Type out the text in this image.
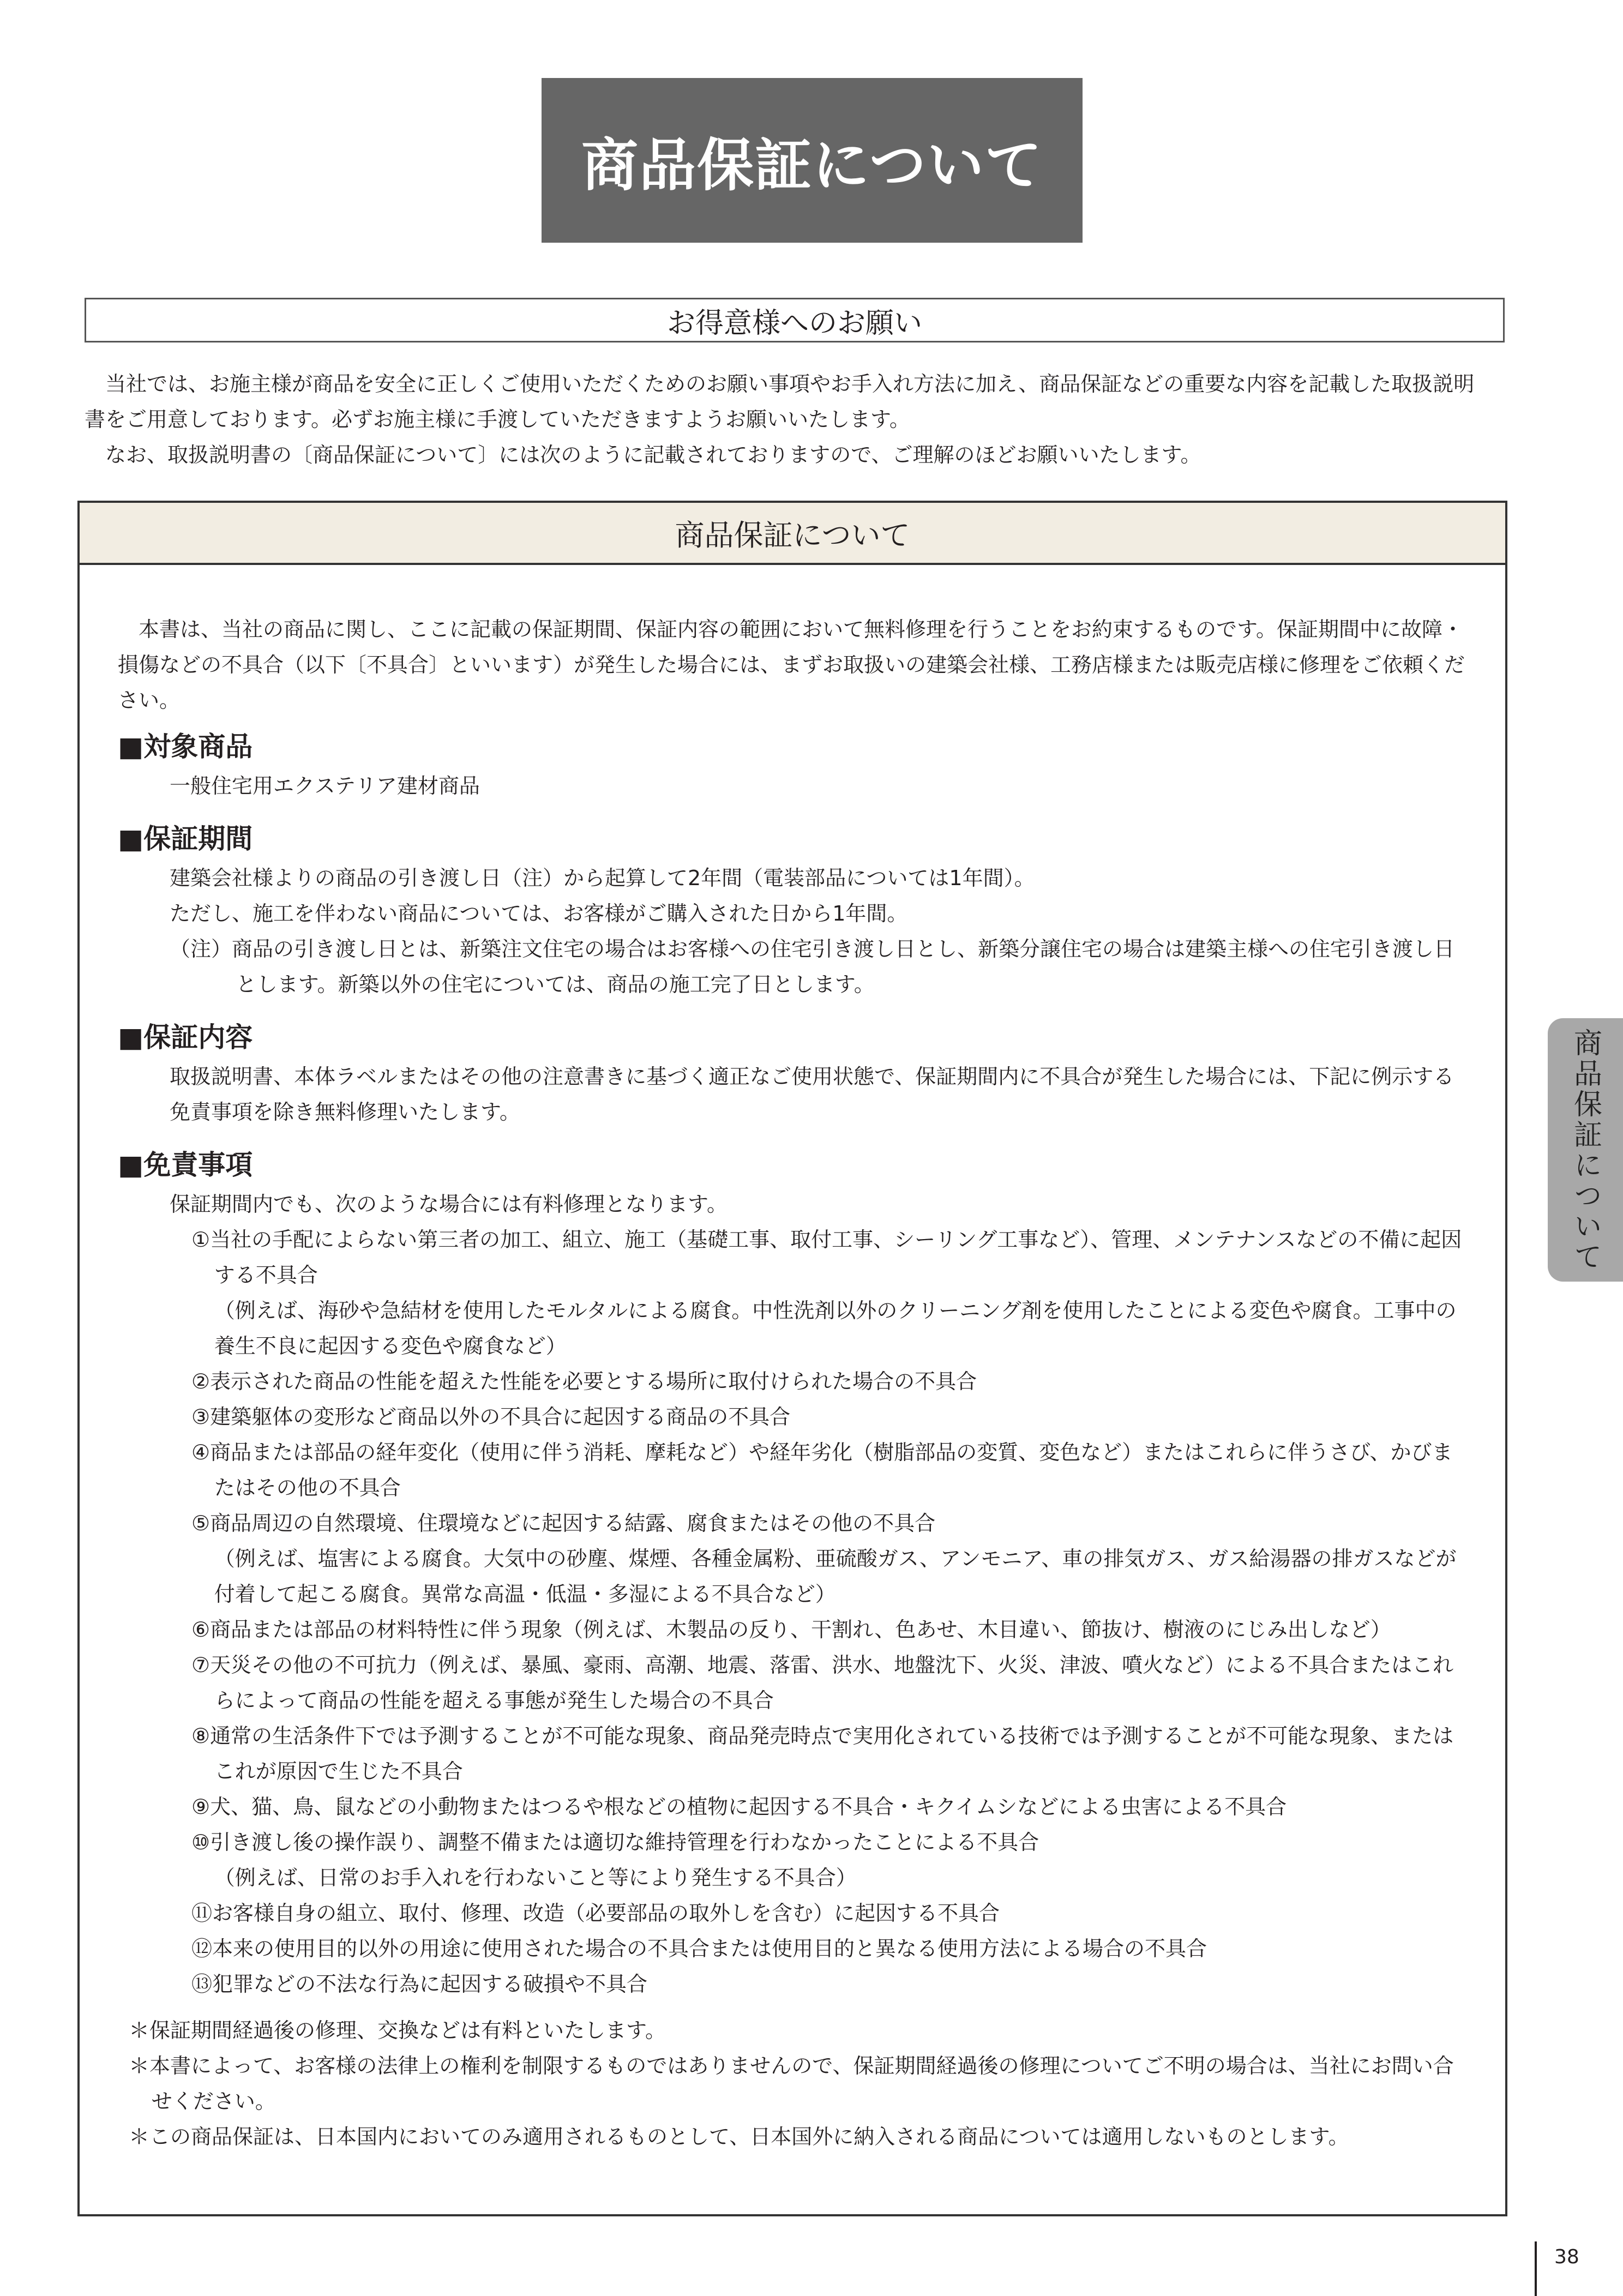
商品保証について
お得意様へのお願い

当社では、お施主様が商品を安全に正しくご使用いただくためのお願い事項やお手入れ方法に加え、商品保証などの重要な内容を記載した取扱説明書をご用意しております。必ずお施主様に手渡していただきますようお願いいたします。

なお、取扱説明書の〔商品保証について〕には次のように記載されておりますので、ご理解のほどお願いいたします。

商品保証について

本書は、当社の商品に関し、ここに記載の保証期間、保証内容の範囲において無料修理を行うことをお約束するものです。保証期間中に故障・損傷などの不具合（以下〔不具合〕といいます）が発生した場合には、まずお取扱いの建築会社様、工務店様または販売店様に修理をご依頼ください。

■対象商品

一般住宅用エクステリア建材商品

■保証期間

建築会社様よりの商品の引き渡し日（注）から起算して2年間（電装部品については1年間）。

ただし、施工を伴わない商品については、お客様がご購入された日から1年間。

（注）商品の引き渡し日とは、新築注文住宅の場合はお客様への住宅引き渡し日とし、新築分譲住宅の場合は建築主様への住宅引き渡し日とします。新築以外の住宅については、商品の施工完了日とします。

■保証内容

取扱説明書、本体ラベルまたはその他の注意書きに基づく適正なご使用状態で、保証期間内に不具合が発生した場合には、下記に例示する免責事項を除き無料修理いたします。

■免責事項

保証期間内でも、次のような場合には有料修理となります。

①当社の手配によらない第三者の加工、組立、施工（基礎工事、取付工事、シーリング工事など）、管理、メンテナンスなどの不備に起因する不具合

（例えば、海砂や急結材を使用したモルタルによる腐食。中性洗剤以外のクリーニング剤を使用したことによる変色や腐食。工事中の養生不良に起因する変色や腐食など）

②表示された商品の性能を超えた性能を必要とする場所に取付けられた場合の不具合

③建築躯体の変形など商品以外の不具合に起因する商品の不具合

④商品または部品の経年変化（使用に伴う消耗、摩耗など）や経年劣化（樹脂部品の変質、変色など）またはこれらに伴うさび、かびまたはその他の不具合

⑤商品周辺の自然環境、住環境などに起因する結露、腐食またはその他の不具合

（例えば、塩害による腐食。大気中の砂塵、煤煙、各種金属粉、亜硫酸ガス、アンモニア、車の排気ガス、ガス給湯器の排ガスなどが付着して起こる腐食。異常な高温・低温・多湿による不具合など）

⑥商品または部品の材料特性に伴う現象（例えば、木製品の反り、干割れ、色あせ、木目違い、節抜け、樹液のにじみ出しなど）

⑦天災その他の不可抗力（例えば、暴風、豪雨、高潮、地震、落雷、洪水、地盤沈下、火災、津波、噴火など）による不具合またはこれらによって商品の性能を超える事態が発生した場合の不具合

⑧通常の生活条件下では予測することが不可能な現象、商品発売時点で実用化されている技術では予測することが不可能な現象、またはこれが原因で生じた不具合

⑨犬、猫、鳥、鼠などの小動物またはつるや根などの植物に起因する不具合・キクイムシなどによる虫害による不具合

⑩引き渡し後の操作誤り、調整不備または適切な維持管理を行わなかったことによる不具合

（例えば、日常のお手入れを行わないこと等により発生する不具合）

⑪お客様自身の組立、取付、修理、改造（必要部品の取外しを含む）に起因する不具合

⑫本来の使用目的以外の用途に使用された場合の不具合または使用目的と異なる使用方法による場合の不具合

⑬犯罪などの不法な行為に起因する破損や不具合

＊保証期間経過後の修理、交換などは有料といたします。

＊本書によって、お客様の法律上の権利を制限するものではありませんので、保証期間経過後の修理についてご不明の場合は、当社にお問い合せください。

＊この商品保証は、日本国内においてのみ適用されるものとして、日本国外に納入される商品については適用しないものとします。

商品保証について
38
